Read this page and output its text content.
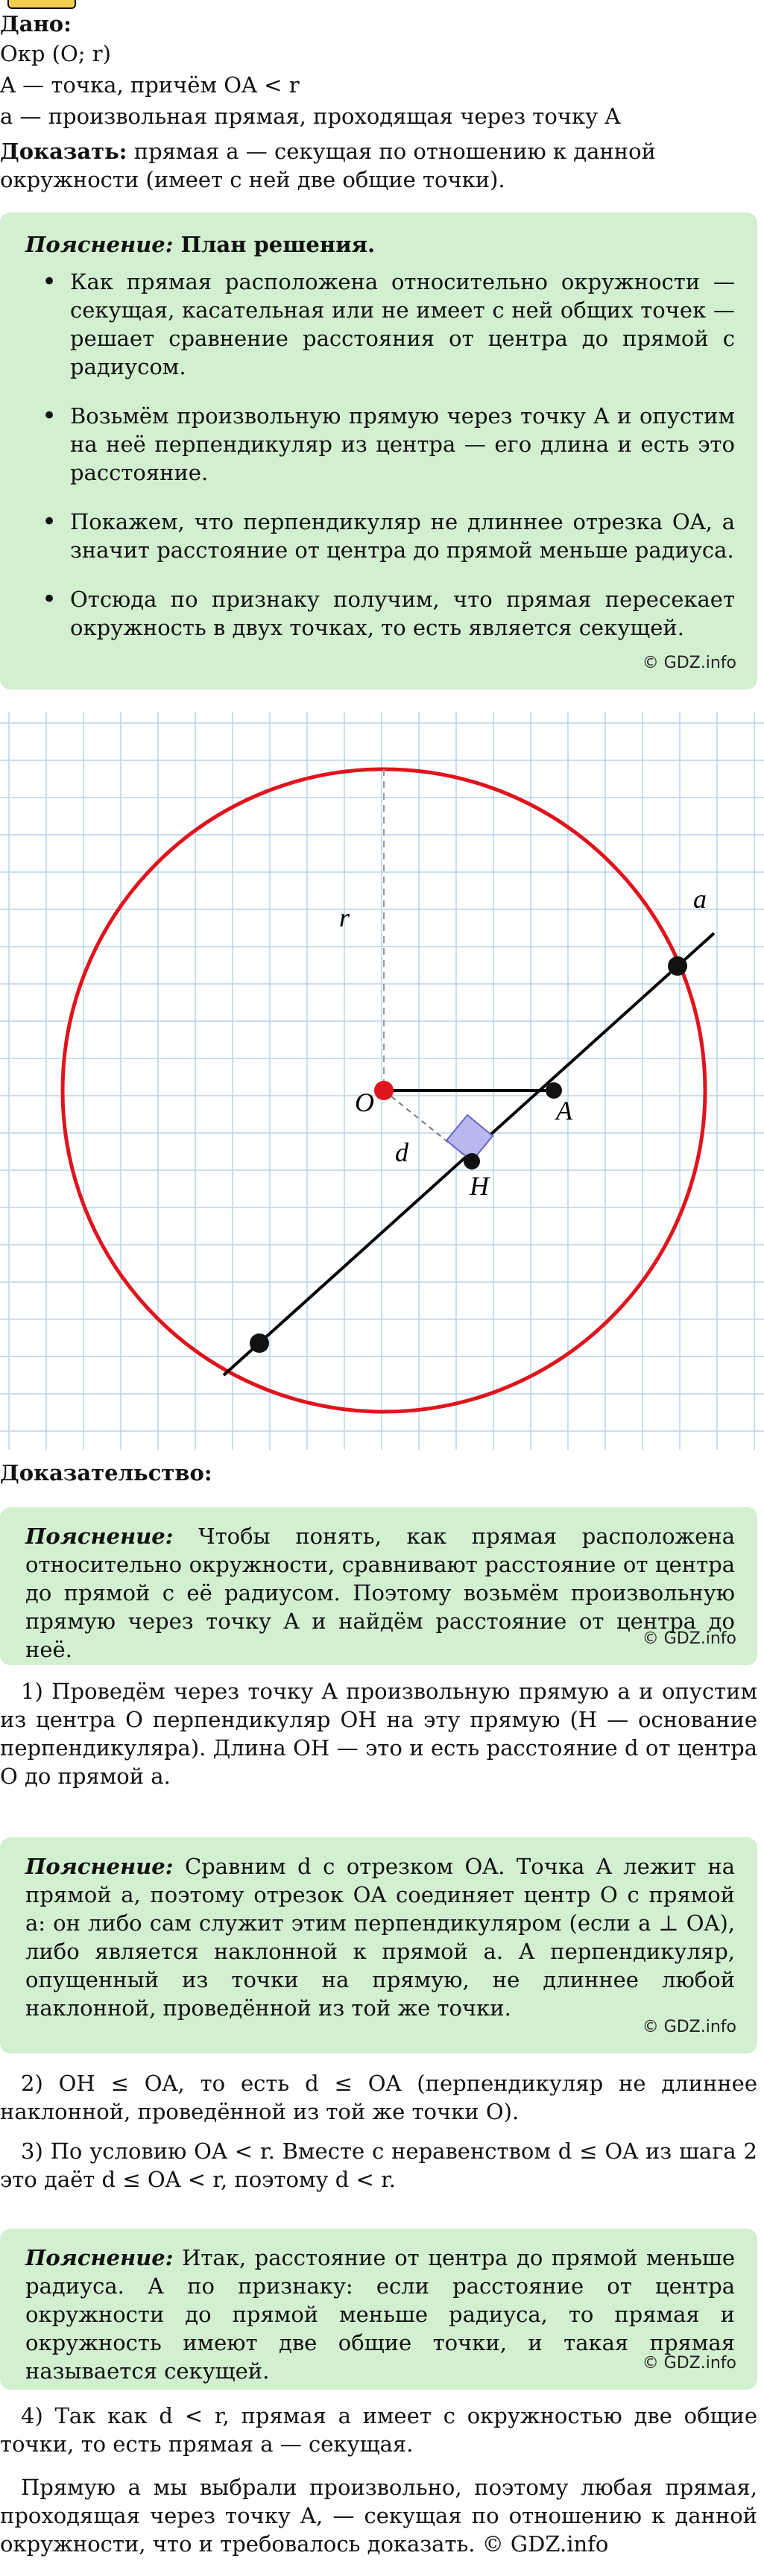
Дано:
Окр (O; r)
A — точка, причём OA < r
a — произвольная прямая, проходящая через точку A
Доказать: прямая a — секущая по отношению к данной окружности (имеет с ней две общие точки).
Пояснение: План решения.
• Как прямая расположена относительно окружности — секущая, касательная или не имеет с ней общих точек — решает сравнение расстояния от центра до прямой с радиусом.
• Возьмём произвольную прямую через точку A и опустим на неё перпендикуляр из центра — его длина и есть это расстояние.
• Покажем, что перпендикуляр не длиннее отрезка OA, а значит расстояние от центра до прямой меньше радиуса.
• Отсюда по признаку получим, что прямая пересекает окружность в двух точках, то есть является секущей.
© GDZ.info
O	A
H
r
d
a
Доказательство:
Пояснение: Чтобы понять, как прямая расположена относительно окружности, сравнивают расстояние от центра до прямой с её радиусом. Поэтому возьмём произвольную прямую через точку A и найдём расстояние от центра до неё.	© GDZ.info
1) Проведём через точку A произвольную прямую a и опустим из центра O перпендикуляр OH на эту прямую (H — основание перпендикуляра). Длина OH — это и есть расстояние d от центра O до прямой a.
Пояснение: Сравним d с отрезком OA. Точка A лежит на прямой a, поэтому отрезок OA соединяет центр O с прямой a: он либо сам служит этим перпендикуляром (если a ⊥ OA), либо является наклонной к прямой a. А перпендикуляр, опущенный из точки на прямую, не длиннее любой наклонной, проведённой из той же точки.
© GDZ.info
2) OH ≤ OA, то есть d ≤ OA (перпендикуляр не длиннее наклонной, проведённой из той же точки O).
3) По условию OA < r. Вместе с неравенством d ≤ OA из шага 2 это даёт d ≤ OA < r, поэтому d < r.
Пояснение: Итак, расстояние от центра до прямой меньше радиуса. А по признаку: если расстояние от центра окружности до прямой меньше радиуса, то прямая и окружность имеют две общие точки, и такая прямая называется секущей.	© GDZ.info
4) Так как d < r, прямая a имеет с окружностью две общие точки, то есть прямая a — секущая.
Прямую a мы выбрали произвольно, поэтому любая прямая, проходящая через точку A, — секущая по отношению к данной окружности, что и требовалось доказать. © GDZ.info
